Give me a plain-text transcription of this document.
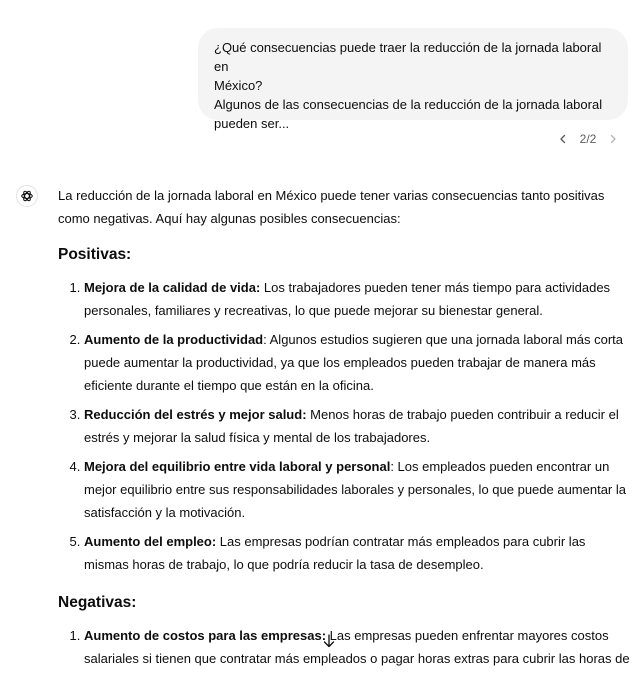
¿Qué consecuencias puede traer la reducción de la jornada laboral en
México?
Algunos de las consecuencias de la reducción de la jornada laboral
pueden ser...
2/2

La reducción de la jornada laboral en México puede tener varias consecuencias tanto positivas como negativas. Aquí hay algunas posibles consecuencias:

Positivas:
1. Mejora de la calidad de vida: Los trabajadores pueden tener más tiempo para actividades personales, familiares y recreativas, lo que puede mejorar su bienestar general.
2. Aumento de la productividad: Algunos estudios sugieren que una jornada laboral más corta puede aumentar la productividad, ya que los empleados pueden trabajar de manera más eficiente durante el tiempo que están en la oficina.
3. Reducción del estrés y mejor salud: Menos horas de trabajo pueden contribuir a reducir el estrés y mejorar la salud física y mental de los trabajadores.
4. Mejora del equilibrio entre vida laboral y personal: Los empleados pueden encontrar un mejor equilibrio entre sus responsabilidades laborales y personales, lo que puede aumentar la satisfacción y la motivación.
5. Aumento del empleo: Las empresas podrían contratar más empleados para cubrir las mismas horas de trabajo, lo que podría reducir la tasa de desempleo.
Negativas:
1. Aumento de costos para las empresas: Las empresas pueden enfrentar mayores costos salariales si tienen que contratar más empleados o pagar horas extras para cubrir las horas de
